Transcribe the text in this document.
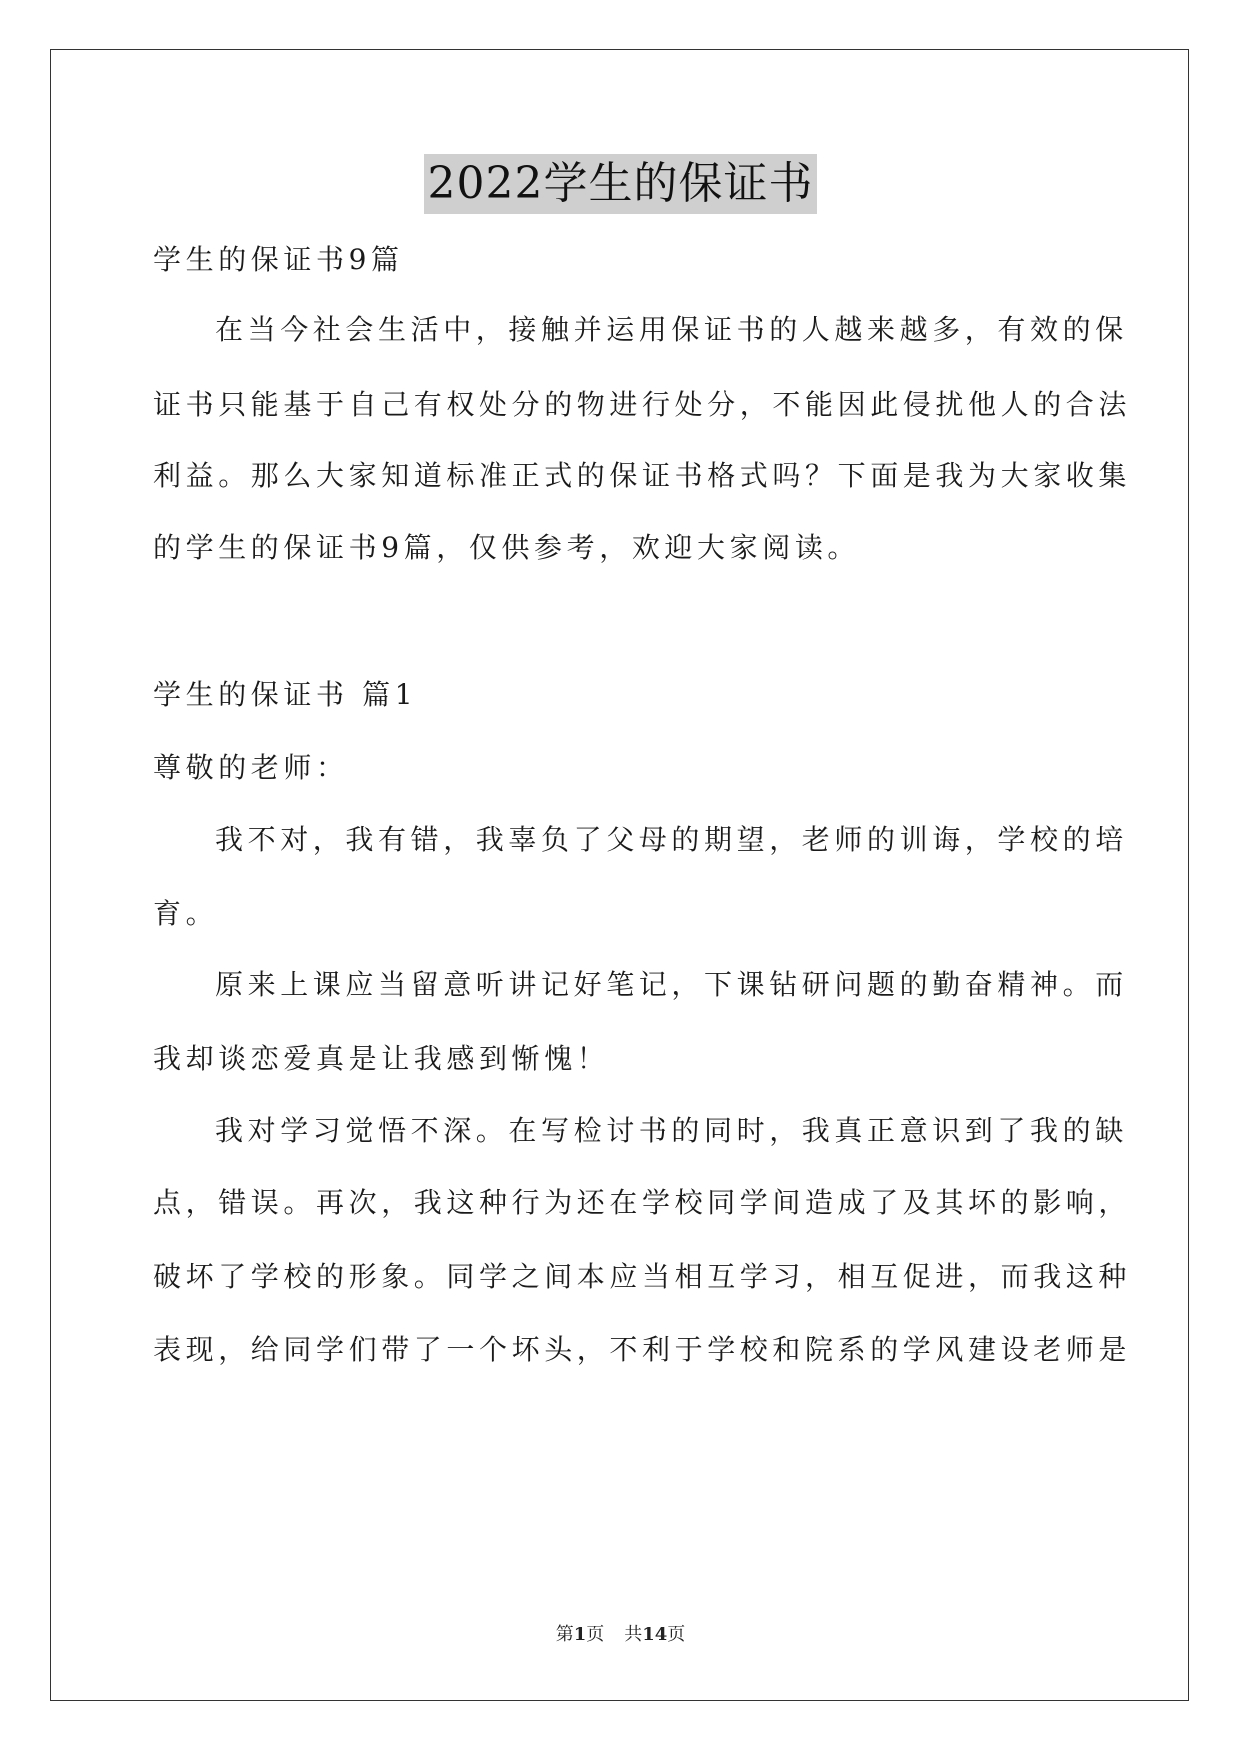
2022学生的保证书
学生的保证书9篇
在当今社会生活中，接触并运用保证书的人越来越多，有效的保
证书只能基于自己有权处分的物进行处分，不能因此侵扰他人的合法
利益。那么大家知道标准正式的保证书格式吗？下面是我为大家收集
的学生的保证书9篇，仅供参考，欢迎大家阅读。
学生的保证书 篇1
尊敬的老师：
我不对，我有错，我辜负了父母的期望，老师的训诲，学校的培
育。
原来上课应当留意听讲记好笔记，下课钻研问题的勤奋精神。而
我却谈恋爱真是让我感到惭愧！
我对学习觉悟不深。在写检讨书的同时，我真正意识到了我的缺
点，错误。再次，我这种行为还在学校同学间造成了及其坏的影响，
破坏了学校的形象。同学之间本应当相互学习，相互促进，而我这种
表现，给同学们带了一个坏头，不利于学校和院系的学风建设老师是
第1页 共14页
